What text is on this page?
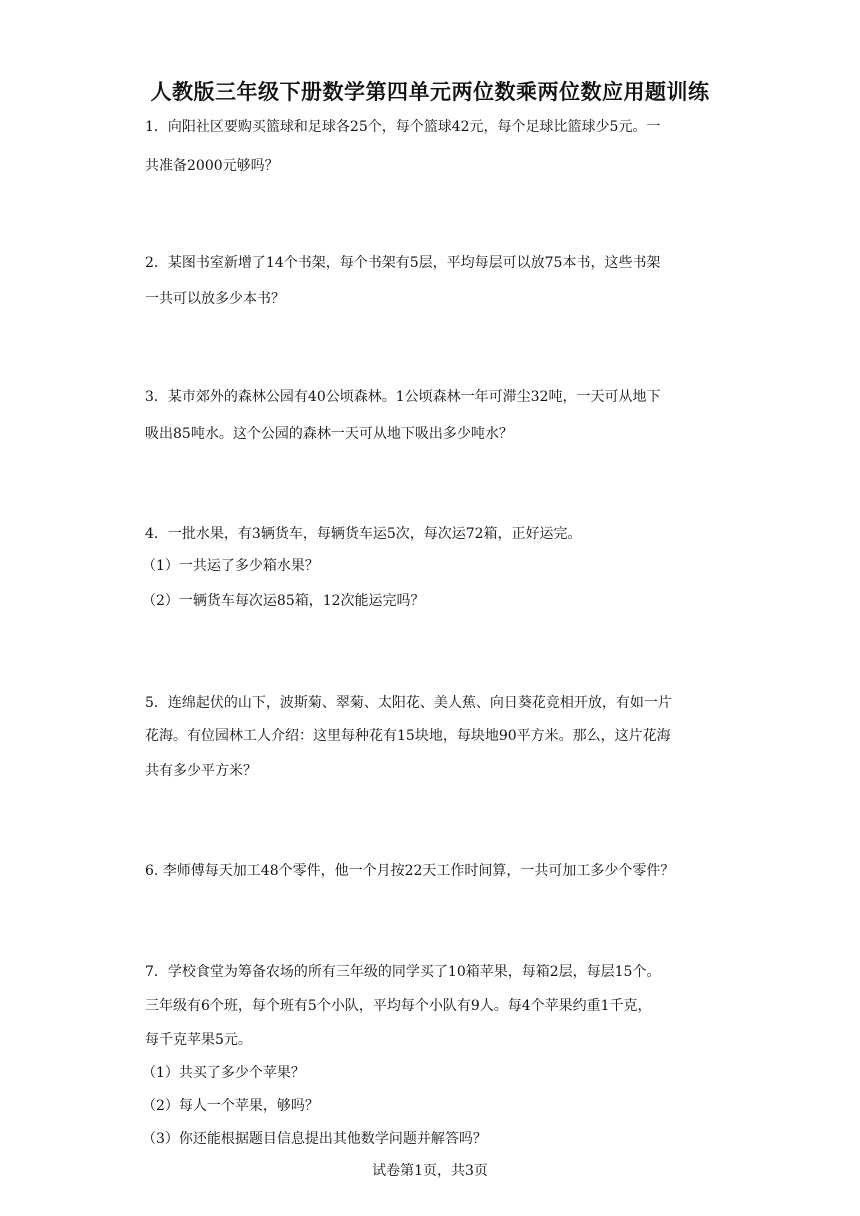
人教版三年级下册数学第四单元两位数乘两位数应用题训练
1．向阳社区要购买篮球和足球各25个，每个篮球42元，每个足球比篮球少5元。一
共准备2000元够吗？
2．某图书室新增了14个书架，每个书架有5层，平均每层可以放75本书，这些书架
一共可以放多少本书？
3．某市郊外的森林公园有40公顷森林。1公顷森林一年可滞尘32吨，一天可从地下
吸出85吨水。这个公园的森林一天可从地下吸出多少吨水？
4．一批水果，有3辆货车，每辆货车运5次，每次运72箱，正好运完。
（1）一共运了多少箱水果？
（2）一辆货车每次运85箱，12次能运完吗？
5．连绵起伏的山下，波斯菊、翠菊、太阳花、美人蕉、向日葵花竞相开放，有如一片
花海。有位园林工人介绍：这里每种花有15块地，每块地90平方米。那么，这片花海
共有多少平方米？
6. 李师傅每天加工48个零件，他一个月按22天工作时间算，一共可加工多少个零件？
7．学校食堂为筹备农场的所有三年级的同学买了10箱苹果，每箱2层，每层15个。
三年级有6个班，每个班有5个小队，平均每个小队有9人。每4个苹果约重1千克，
每千克苹果5元。
（1）共买了多少个苹果？
（2）每人一个苹果，够吗？
（3）你还能根据题目信息提出其他数学问题并解答吗？
试卷第1页，共3页
